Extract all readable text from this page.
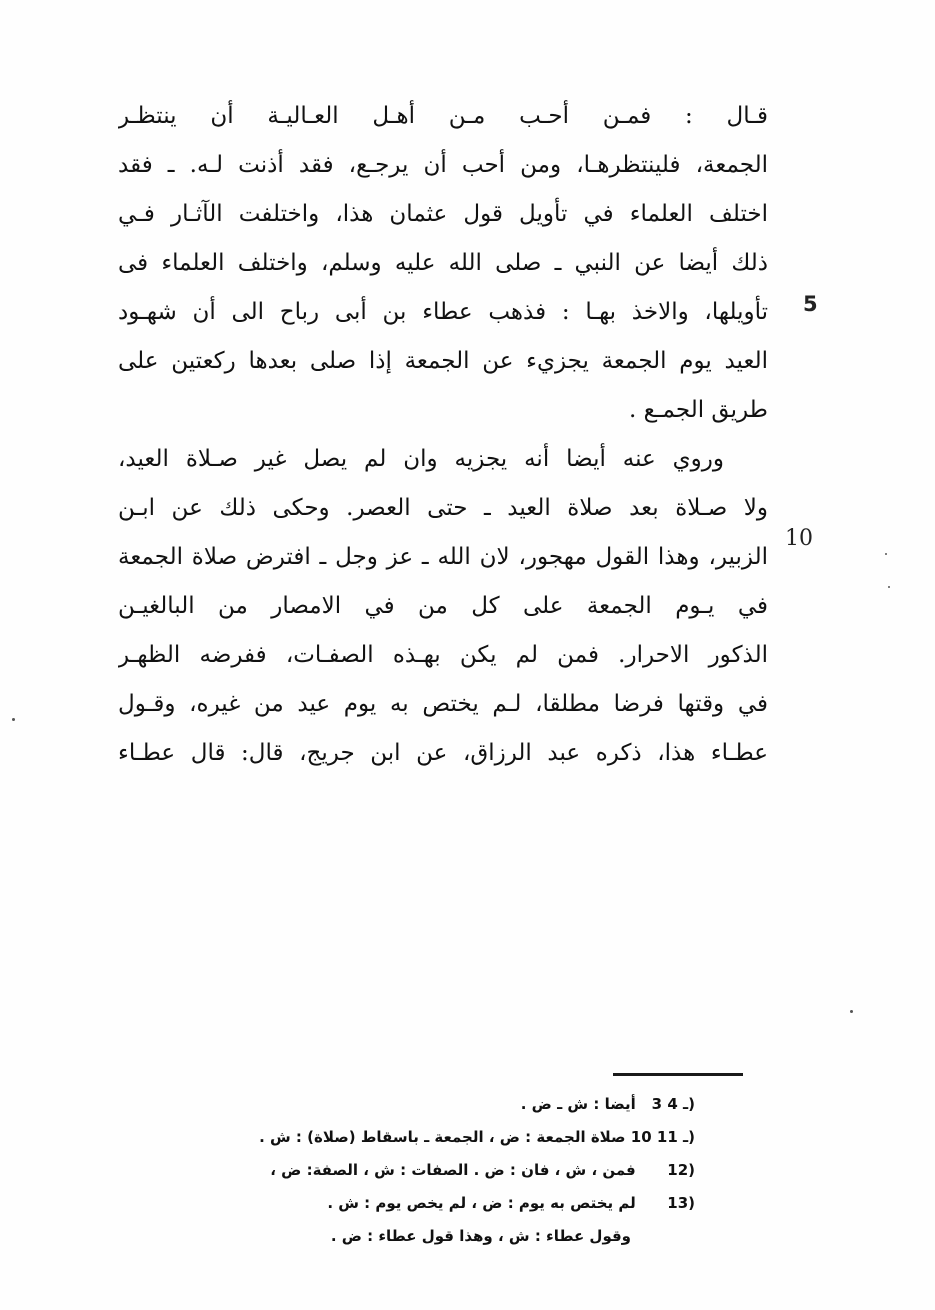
قـال : فمـن أحـب مـن أهـل العـاليـة أن ينتظـر
الجمعة، فلينتظرهـا، ومن أحب أن يرجـع، فقد أذنت لـه. ـ فقد
اختلف العلماء في تأويل قول عثمان هذا، واختلفت الآثـار فـي
ذلك أيضا عن النبي ـ صلى الله عليه وسلم، واختلف العلماء فى
تأويلها، والاخذ بهـا : فذهب عطاء بن أبى رباح الى أن شهـود
العيد يوم الجمعة يجزيء عن الجمعة إذا صلى بعدها ركعتين على
طريق الجمـع .
وروي عنه أيضا أنه يجزيه وان لم يصل غير صـلاة العيد،
ولا صـلاة بعد صلاة العيد ـ حتى العصر. وحكى ذلك عن ابـن
الزبير، وهذا القول مهجور، لان الله ـ عز وجل ـ افترض صلاة الجمعة
في يـوم الجمعة على كل من في الامصار من البالغيـن
الذكور الاحرار. فمن لم يكن بهـذه الصفـات، ففرضه الظهـر
في وقتها فرضا مطلقا، لـم يختص به يوم عيد من غيره، وقـول
عطـاء هذا، ذكره عبد الرزاق، عن ابن جريج، قال: قال عطـاء
5
10
3 ـ 4) أيضا : ش ـ ض .
10 ـ 11) صلاة الجمعة : ض ، الجمعة ـ باسقاط (صلاة) : ش .
12) فمن ، ش ، فان : ض . الصفات : ش ، الصفة: ض ،
13) لم يختص به يوم : ض ، لم يخص يوم : ش .
وقول عطاء : ش ، وهذا قول عطاء : ض .
